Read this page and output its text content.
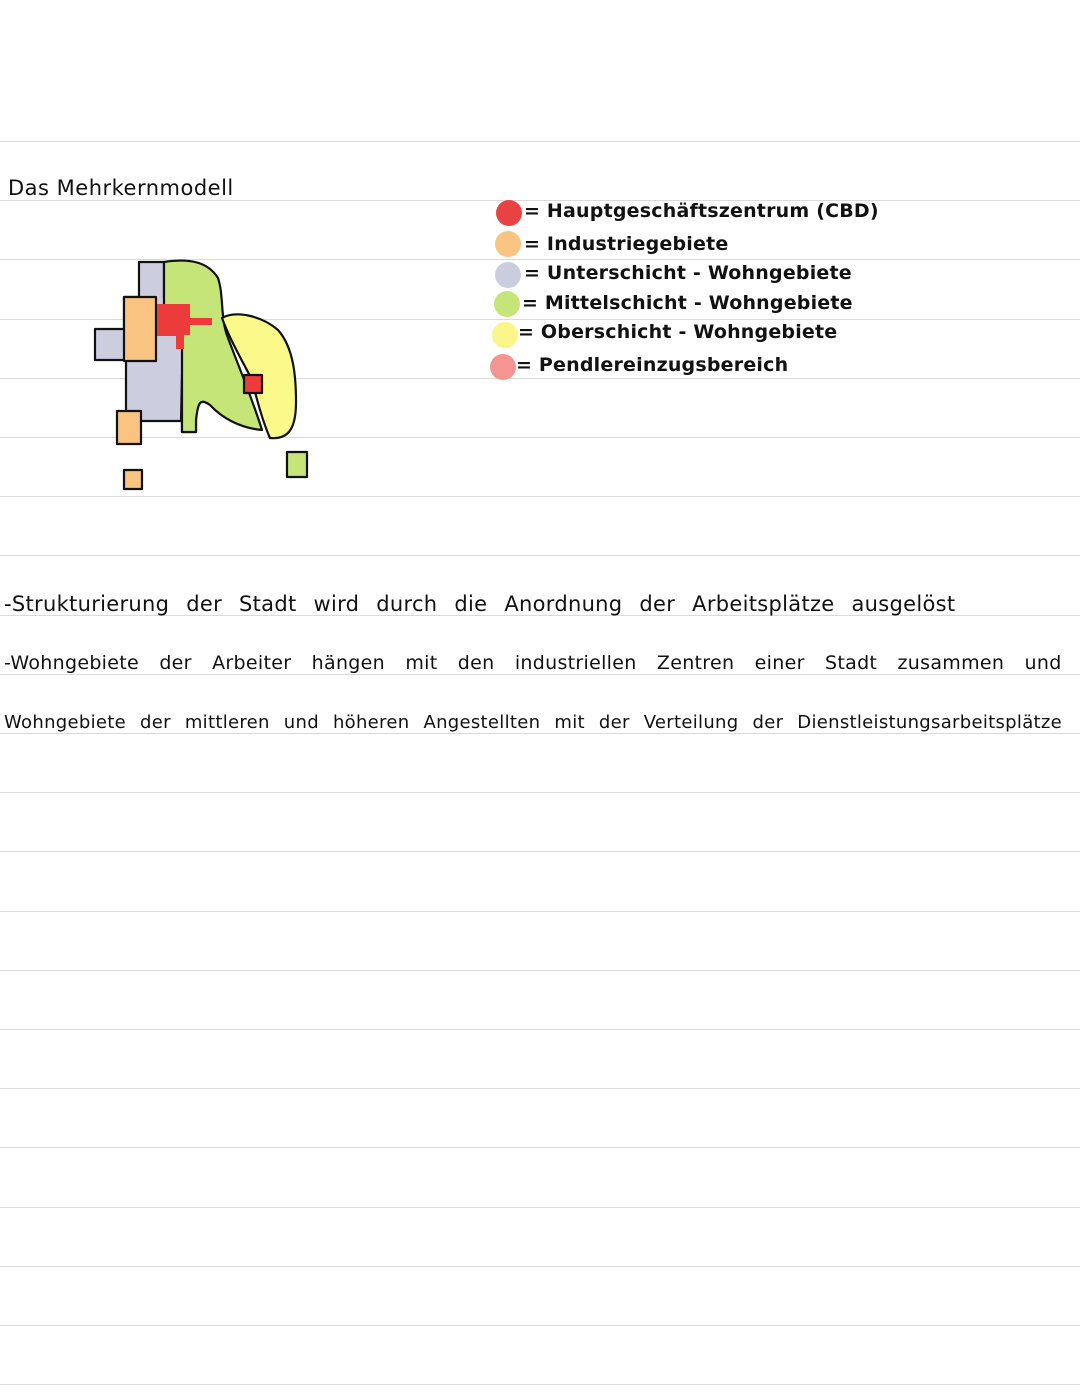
Das Mehrkernmodell
= Hauptgeschäftszentrum (CBD)
= Industriegebiete
= Unterschicht - Wohngebiete
= Mittelschicht - Wohngebiete
= Oberschicht - Wohngebiete
= Pendlereinzugsbereich
-Strukturierung der Stadt wird durch die Anordnung der Arbeitsplätze ausgelöst
-Wohngebiete der Arbeiter hängen mit den industriellen Zentren einer Stadt zusammen und
Wohngebiete der mittleren und höheren Angestellten mit der Verteilung der Dienstleistungsarbeitsplätze
